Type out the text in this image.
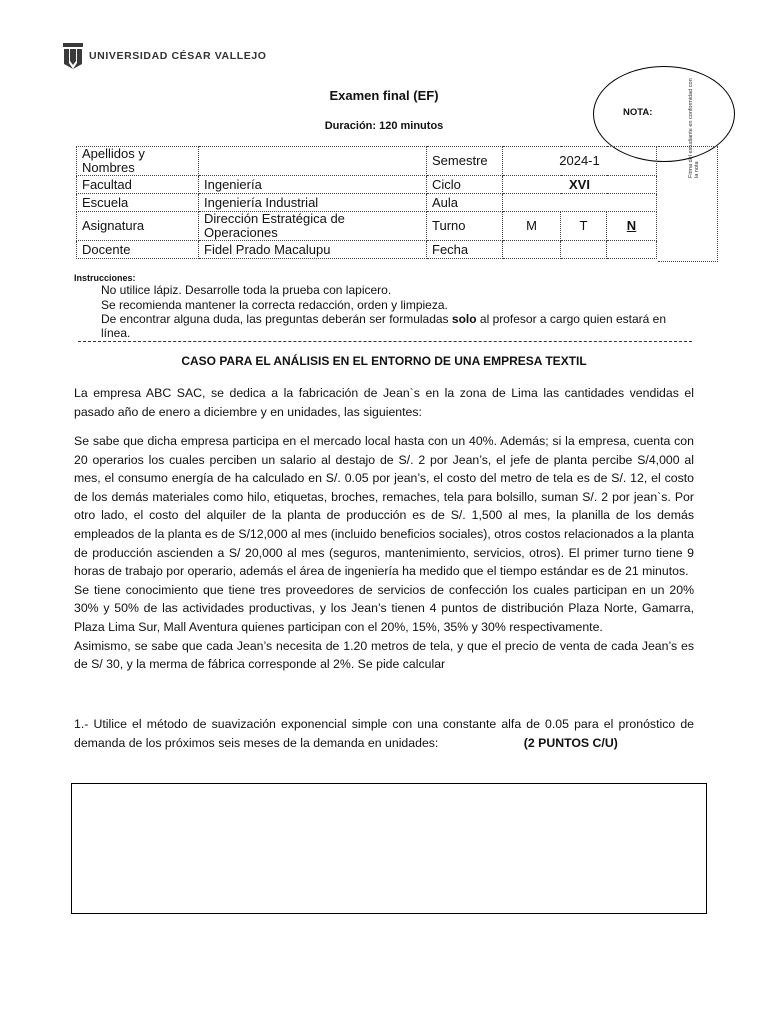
UNIVERSIDAD CÉSAR VALLEJO
Examen final (EF)
Duración: 120 minutos
NOTA:	Firma del estudiante en conformidad con la nota
Apellidos y Nombres		Semestre	2024-1		
Facultad	Ingeniería	Ciclo	XVI		
Escuela	Ingeniería Industrial	Aula			
Asignatura	Dirección Estratégica de Operaciones	Turno	M	T	N
Docente	Fidel Prado Macalupu	Fecha			
Instrucciones:
No utilice lápiz. Desarrolle toda la prueba con lapicero.
Se recomienda mantener la correcta redacción, orden y limpieza.
De encontrar alguna duda, las preguntas deberán ser formuladas solo al profesor a cargo quien estará en línea.
CASO PARA EL ANÁLISIS EN EL ENTORNO DE UNA EMPRESA TEXTIL

La empresa ABC SAC, se dedica a la fabricación de Jean`s en la zona de Lima las cantidades vendidas el pasado año de enero a diciembre y en unidades, las siguientes:

Se sabe que dicha empresa participa en el mercado local hasta con un 40%. Además; si la empresa, cuenta con 20 operarios los cuales perciben un salario al destajo de S/. 2 por Jean’s, el jefe de planta percibe S/4,000 al mes, el consumo energía de ha calculado en S/. 0.05 por jean’s, el costo del metro de tela es de S/. 12, el costo de los demás materiales como hilo, etiquetas, broches, remaches, tela para bolsillo, suman S/. 2 por jean`s. Por otro lado, el costo del alquiler de la planta de producción es de S/. 1,500 al mes, la planilla de los demás empleados de la planta es de S/12,000 al mes (incluido beneficios sociales), otros costos relacionados a la planta de producción ascienden a S/ 20,000 al mes (seguros, mantenimiento, servicios, otros). El primer turno tiene 9 horas de trabajo por operario, además el área de ingeniería ha medido que el tiempo estándar es de 21 minutos.

Se tiene conocimiento que tiene tres proveedores de servicios de confección los cuales participan en un 20% 30% y 50% de las actividades productivas, y los Jean’s tienen 4 puntos de distribución Plaza Norte, Gamarra, Plaza Lima Sur, Mall Aventura quienes participan con el 20%, 15%, 35% y 30% respectivamente.

Asimismo, se sabe que cada Jean’s necesita de 1.20 metros de tela, y que el precio de venta de cada Jean’s es de S/ 30, y la merma de fábrica corresponde al 2%. Se pide calcular

1.- Utilice el método de suavización exponencial simple con una constante alfa de 0.05 para el pronóstico de demanda de los próximos seis meses de la demanda en unidades:	(2 PUNTOS C/U)
